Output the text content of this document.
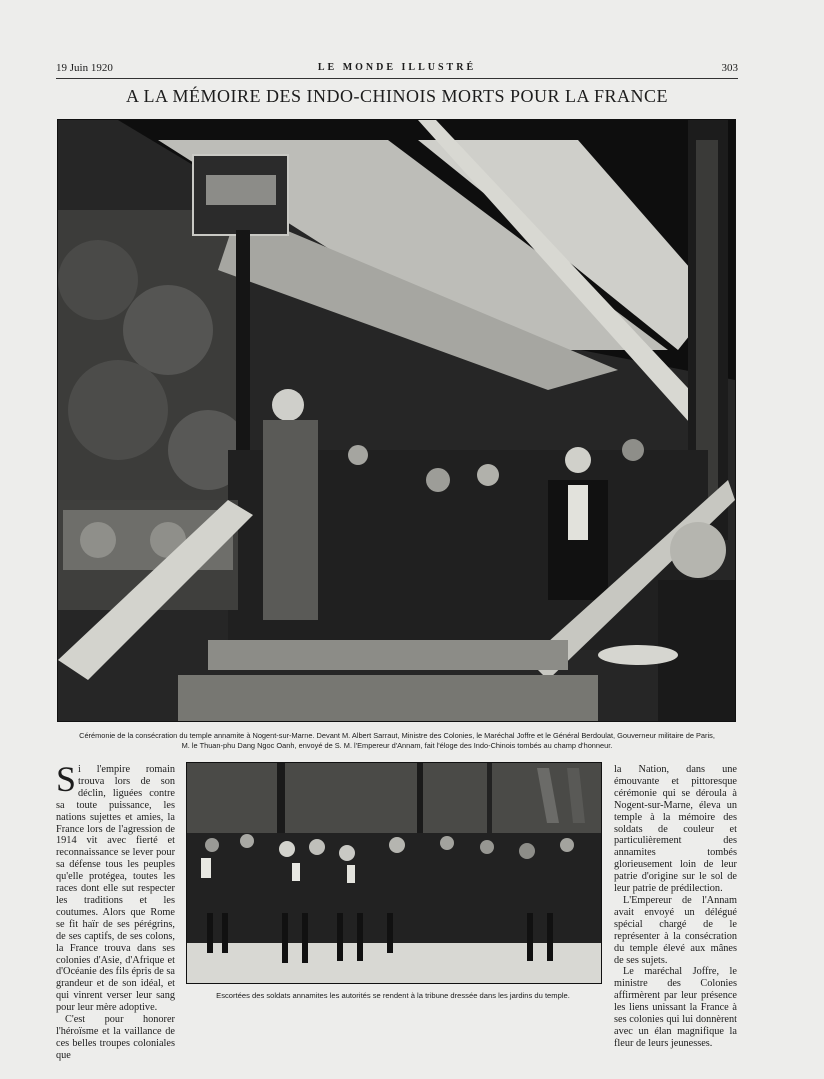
19 Juin 1920	LE MONDE ILLUSTRÉ	303
A LA MÉMOIRE DES INDO-CHINOIS MORTS POUR LA FRANCE
Cérémonie de la consécration du temple annamite à Nogent-sur-Marne. Devant M. Albert Sarraut, Ministre des Colonies, le Maréchal Joffre et le Général Berdoulat, Gouverneur militaire de Paris,
M. le Thuan-phu Dang Ngoc Oanh, envoyé de S. M. l'Empereur d'Annam, fait l'éloge des Indo-Chinois tombés au champ d'honneur.

Si l'empire romain trouva lors de son déclin, liguées contre sa toute puissance, les nations sujettes et amies, la France lors de l'agression de 1914 vit avec fierté et reconnaissance se lever pour sa défense tous les peuples qu'elle protégea, toutes les races dont elle sut respecter les traditions et les coutumes. Alors que Rome se fit haïr de ses pérégrins, de ses captifs, de ses colons, la France trouva dans ses colonies d'Asie, d'Afrique et d'Océanie des fils épris de sa grandeur et de son idéal, et qui vinrent verser leur sang pour leur mère adoptive.

C'est pour honorer l'héroïsme et la vaillance de ces belles troupes coloniales que

Escortées des soldats annamites les autorités se rendent à la tribune dressée dans les jardins du temple.

la Nation, dans une émouvante et pittoresque cérémonie qui se déroula à Nogent-sur-Marne, éleva un temple à la mémoire des soldats de couleur et particulièrement des annamites tombés glorieusement loin de leur patrie d'origine sur le sol de leur patrie de prédilection.

L'Empereur de l'Annam avait envoyé un délégué spécial chargé de le représenter à la consécration du temple élevé aux mânes de ses sujets.

Le maréchal Joffre, le ministre des Colonies affirmèrent par leur présence les liens unissant la France à ses colonies qui lui donnèrent avec un élan magnifique la fleur de leurs jeunesses.
